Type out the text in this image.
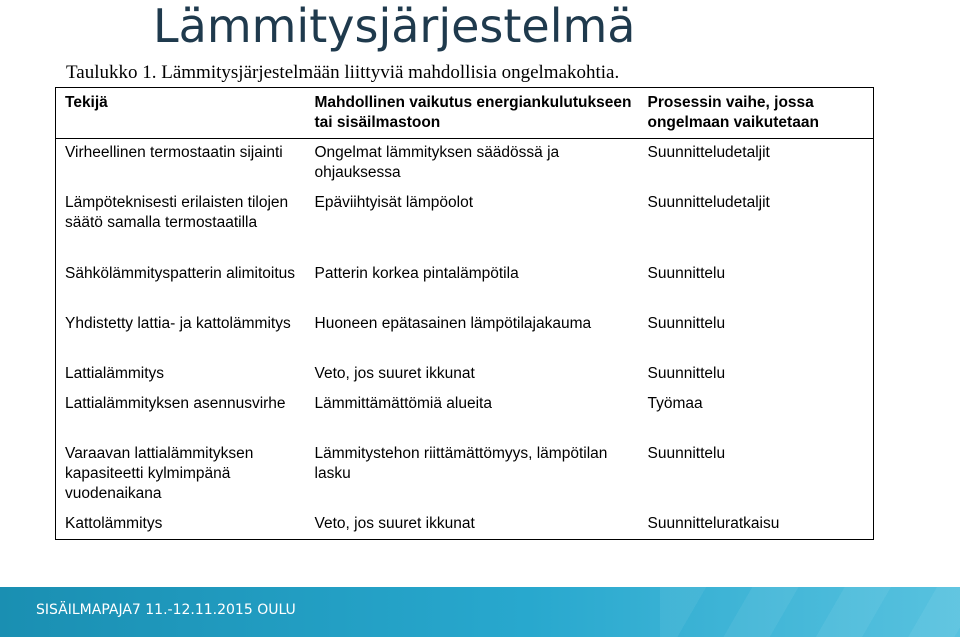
Lämmitysjärjestelmä

Taulukko 1. Lämmitysjärjestelmään liittyviä mahdollisia ongelmakohtia.

Tekijä	Mahdollinen vaikutus energiankulutukseen tai sisäilmastoon	Prosessin vaihe, jossa ongelmaan vaikutetaan
Virheellinen termostaatin sijainti	Ongelmat lämmityksen säädössä ja ohjauksessa	Suunnitteludetaljit
Lämpöteknisesti erilaisten tilojen säätö samalla termostaatilla	Epäviihtyisät lämpöolot	Suunnitteludetaljit
Sähkölämmityspatterin alimitoitus	Patterin korkea pintalämpötila	Suunnittelu
Yhdistetty lattia- ja kattolämmitys	Huoneen epätasainen lämpötilajakauma	Suunnittelu
Lattialämmitys	Veto, jos suuret ikkunat	Suunnittelu
Lattialämmityksen asennusvirhe	Lämmittämättömiä alueita	Työmaa
Varaavan lattialämmityksen kapasiteetti kylmimpänä vuodenaikana	Lämmitystehon riittämättömyys, lämpötilan lasku	Suunnittelu
Kattolämmitys	Veto, jos suuret ikkunat	Suunnitteluratkaisu
SISÄILMAPAJA7 11.-12.11.2015 OULU
